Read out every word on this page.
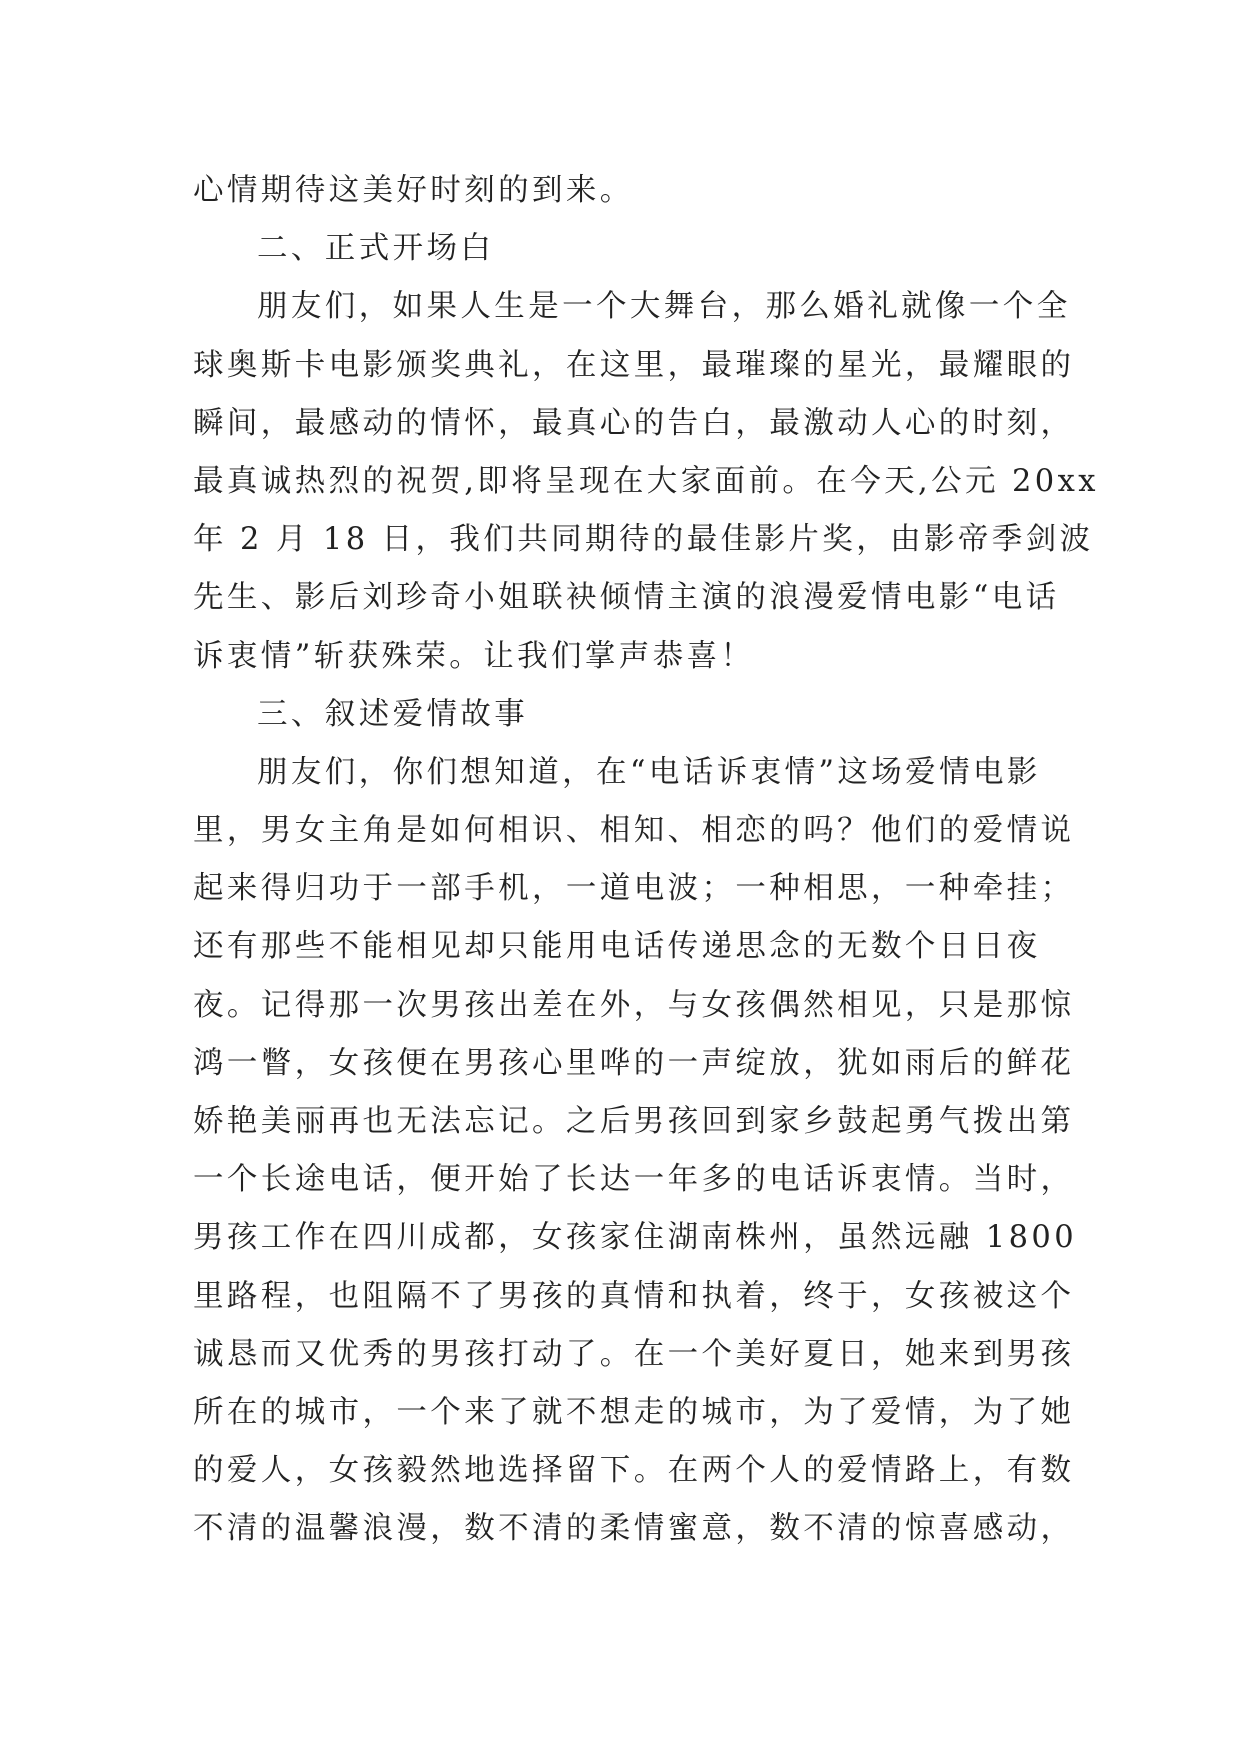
心情期待这美好时刻的到来。
二、正式开场白
朋友们，如果人生是一个大舞台，那么婚礼就像一个全
球奥斯卡电影颁奖典礼，在这里，最璀璨的星光，最耀眼的
瞬间，最感动的情怀，最真心的告白，最激动人心的时刻，
最真诚热烈的祝贺,即将呈现在大家面前。在今天,公元 20xx
年 2 月 18 日，我们共同期待的最佳影片奖，由影帝季剑波
先生、影后刘珍奇小姐联袂倾情主演的浪漫爱情电影“电话
诉衷情”斩获殊荣。让我们掌声恭喜！
三、叙述爱情故事
朋友们，你们想知道，在“电话诉衷情”这场爱情电影
里，男女主角是如何相识、相知、相恋的吗？他们的爱情说
起来得归功于一部手机，一道电波；一种相思，一种牵挂；
还有那些不能相见却只能用电话传递思念的无数个日日夜
夜。记得那一次男孩出差在外，与女孩偶然相见，只是那惊
鸿一瞥，女孩便在男孩心里哗的一声绽放，犹如雨后的鲜花
娇艳美丽再也无法忘记。之后男孩回到家乡鼓起勇气拨出第
一个长途电话，便开始了长达一年多的电话诉衷情。当时，
男孩工作在四川成都，女孩家住湖南株州，虽然远融 1800
里路程，也阻隔不了男孩的真情和执着，终于，女孩被这个
诚恳而又优秀的男孩打动了。在一个美好夏日，她来到男孩
所在的城市，一个来了就不想走的城市，为了爱情，为了她
的爱人，女孩毅然地选择留下。在两个人的爱情路上，有数
不清的温馨浪漫，数不清的柔情蜜意，数不清的惊喜感动，
